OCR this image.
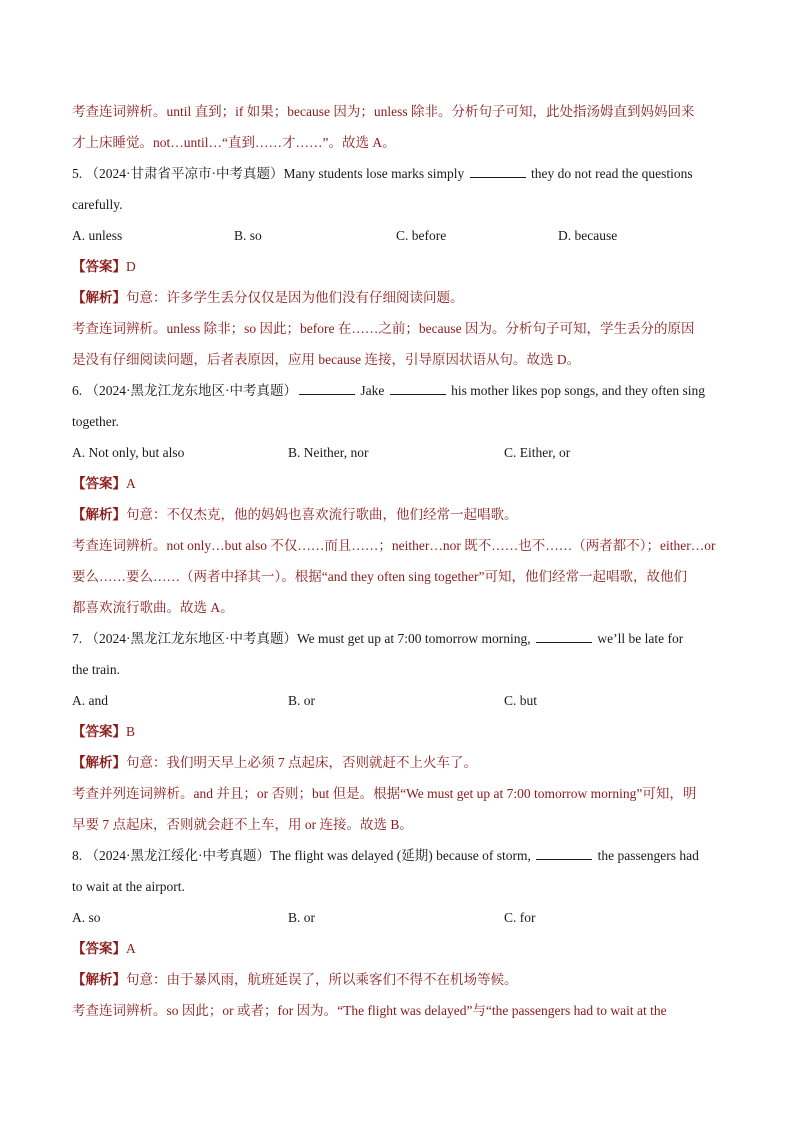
考查连词辨析。until 直到；if 如果；because 因为；unless 除非。分析句子可知，此处指汤姆直到妈妈回来
才上床睡觉。not…until…“直到……才……”。故选 A。
5. （2024·甘肃省平凉市·中考真题）Many students lose marks simply	they do not read the questions
carefully.
A. unless	B. so	C. before	D. because
【答案】D
【解析】句意：许多学生丢分仅仅是因为他们没有仔细阅读问题。
考查连词辨析。unless 除非；so 因此；before 在……之前；because 因为。分析句子可知，学生丢分的原因
是没有仔细阅读问题，后者表原因，应用 because 连接，引导原因状语从句。故选 D。
6. （2024·黑龙江龙东地区·中考真题）	Jake	his mother likes pop songs, and they often sing
together.
A. Not only, but also	B. Neither, nor	C. Either, or
【答案】A
【解析】句意：不仅杰克，他的妈妈也喜欢流行歌曲，他们经常一起唱歌。
考查连词辨析。not only…but also 不仅……而且……；neither…nor 既不……也不……（两者都不）；either…or
要么……要么……（两者中择其一）。根据“and they often sing together”可知，他们经常一起唱歌，故他们
都喜欢流行歌曲。故选 A。
7. （2024·黑龙江龙东地区·中考真题）We must get up at 7:00 tomorrow morning,	we’ll be late for
the train.
A. and	B. or	C. but
【答案】B
【解析】句意：我们明天早上必须 7 点起床，否则就赶不上火车了。
考查并列连词辨析。and 并且；or 否则；but 但是。根据“We must get up at 7:00 tomorrow morning”可知，明
早要 7 点起床，否则就会赶不上车，用 or 连接。故选 B。
8. （2024·黑龙江绥化·中考真题）The flight was delayed (延期) because of storm,	the passengers had
to wait at the airport.
A. so	B. or	C. for
【答案】A
【解析】句意：由于暴风雨，航班延误了，所以乘客们不得不在机场等候。
考查连词辨析。so 因此；or 或者；for 因为。“The flight was delayed”与“the passengers had to wait at the
